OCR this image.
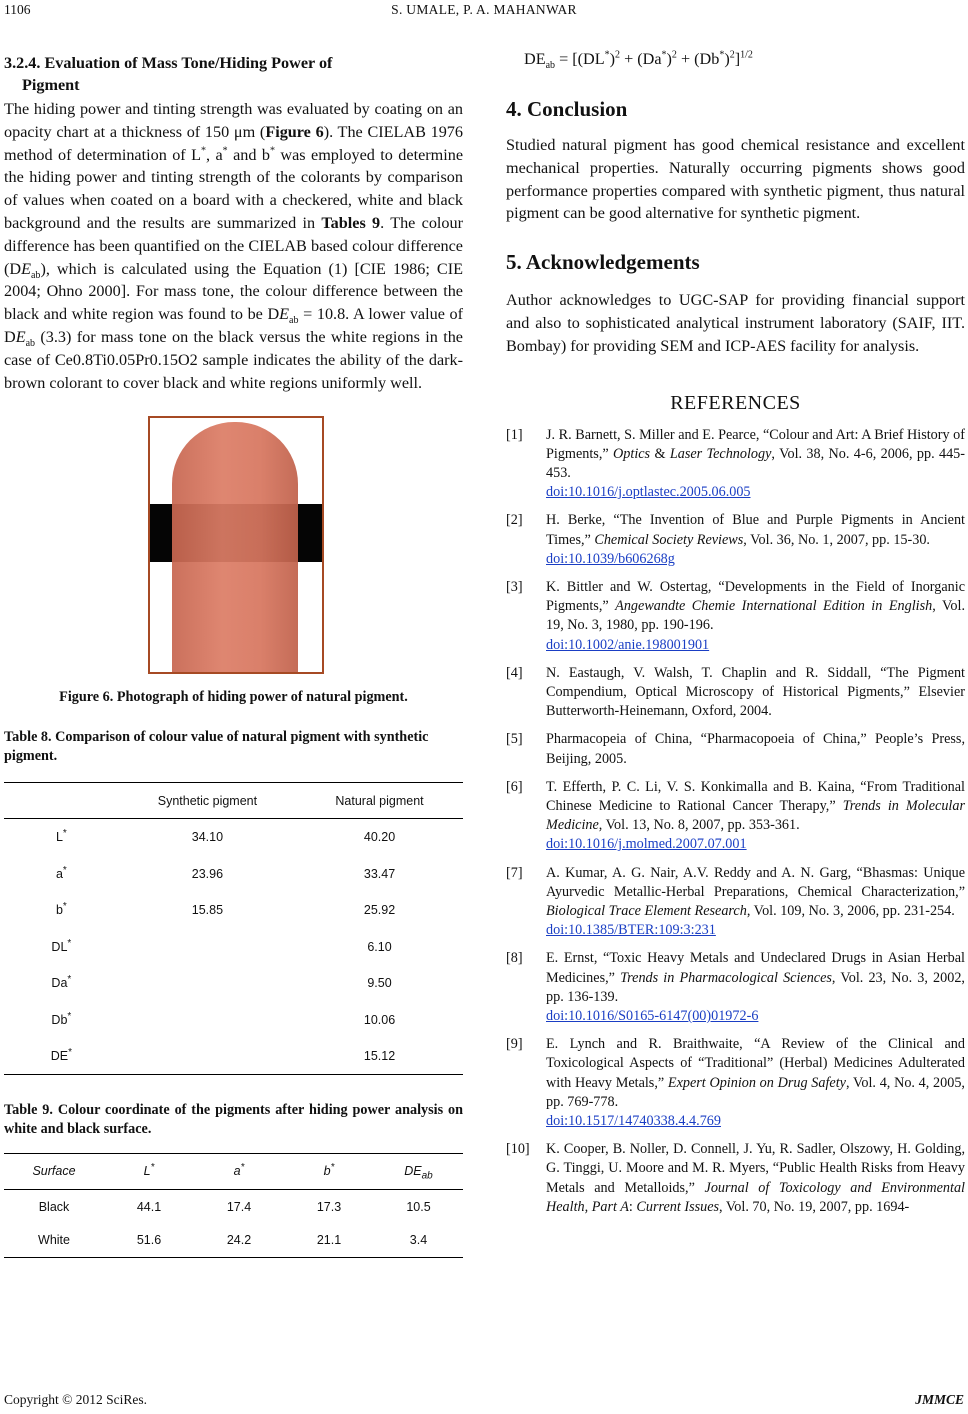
1106	S. UMALE, P. A. MAHANWAR
3.2.4. Evaluation of Mass Tone/Hiding Power of
Pigment

The hiding power and tinting strength was evaluated by coating on an opacity chart at a thickness of 150 μm (Figure 6). The CIELAB 1976 method of determination of L*, a* and b* was employed to determine the hiding power and tinting strength of the colorants by comparison of values when coated on a board with a checkered, white and black background and the results are summarized in Tables 9. The colour difference has been quantified on the CIELAB based colour difference $(DE_{ab})$, which is calculated using the Equation (1) [CIE 1986; CIE 2004; Ohno 2000]. For mass tone, the colour difference between the black and white region was found to be $DE_{ab} = 10.8$. A lower value of $DE_{ab}$ (3.3) for mass tone on the black versus the white regions in the case of Ce0.8Ti0.05Pr0.15O2 sample indicates the ability of the dark-brown colorant to cover black and white regions uniformly well.

Figure 6. Photograph of hiding power of natural pigment.
Table 8. Comparison of colour value of natural pigment with synthetic pigment.
	Synthetic pigment	Natural pigment
L*	34.10	40.20
a*	23.96	33.47
b*	15.85	25.92
DL*		6.10
Da*		9.50
Db*		10.06
DE*		15.12
Table 9. Colour coordinate of the pigments after hiding power analysis on white and black surface.
Surface	L*	a*	b*	$DE_{ab}$
Black	44.1	17.4	17.3	10.5
White	51.6	24.2	21.1	3.4
$DE_{ab} = [(DL^*)^2 + (Da^*)^2 + (Db^*)^2]^{1/2}$
4. Conclusion

Studied natural pigment has good chemical resistance and excellent mechanical properties. Naturally occurring pigments shows good performance properties compared with synthetic pigment, thus natural pigment can be good alternative for synthetic pigment.

5. Acknowledgements

Author acknowledges to UGC-SAP for providing financial support and also to sophisticated analytical instrument laboratory (SAIF, IIT. Bombay) for providing SEM and ICP-AES facility for analysis.

REFERENCES
[1] J. R. Barnett, S. Miller and E. Pearce, “Colour and Art: A Brief History of Pigments,” Optics & Laser Technology, Vol. 38, No. 4-6, 2006, pp. 445-453.
doi:10.1016/j.optlastec.2005.06.005
[2] H. Berke, “The Invention of Blue and Purple Pigments in Ancient Times,” Chemical Society Reviews, Vol. 36, No. 1, 2007, pp. 15-30.
doi:10.1039/b606268g
[3] K. Bittler and W. Ostertag, “Developments in the Field of Inorganic Pigments,” Angewandte Chemie International Edition in English, Vol. 19, No. 3, 1980, pp. 190-196.
doi:10.1002/anie.198001901
[4] N. Eastaugh, V. Walsh, T. Chaplin and R. Siddall, “The Pigment Compendium, Optical Microscopy of Historical Pigments,” Elsevier Butterworth-Heinemann, Oxford, 2004.
[5] Pharmacopeia of China, “Pharmacopoeia of China,” People’s Press, Beijing, 2005.
[6] T. Efferth, P. C. Li, V. S. Konkimalla and B. Kaina, “From Traditional Chinese Medicine to Rational Cancer Therapy,” Trends in Molecular Medicine, Vol. 13, No. 8, 2007, pp. 353-361.
doi:10.1016/j.molmed.2007.07.001
[7] A. Kumar, A. G. Nair, A.V. Reddy and A. N. Garg, “Bhasmas: Unique Ayurvedic Metallic-Herbal Preparations, Chemical Characterization,” Biological Trace Element Research, Vol. 109, No. 3, 2006, pp. 231-254.
doi:10.1385/BTER:109:3:231
[8] E. Ernst, “Toxic Heavy Metals and Undeclared Drugs in Asian Herbal Medicines,” Trends in Pharmacological Sciences, Vol. 23, No. 3, 2002, pp. 136-139.
doi:10.1016/S0165-6147(00)01972-6
[9] E. Lynch and R. Braithwaite, “A Review of the Clinical and Toxicological Aspects of “Traditional” (Herbal) Medicines Adulterated with Heavy Metals,” Expert Opinion on Drug Safety, Vol. 4, No. 4, 2005, pp. 769-778.
doi:10.1517/14740338.4.4.769
[10] K. Cooper, B. Noller, D. Connell, J. Yu, R. Sadler, Olszowy, H. Golding, G. Tinggi, U. Moore and M. R. Myers, “Public Health Risks from Heavy Metals and Metalloids,” Journal of Toxicology and Environmental Health, Part A: Current Issues, Vol. 70, No. 19, 2007, pp. 1694-
Copyright © 2012 SciRes.	JMMCE
